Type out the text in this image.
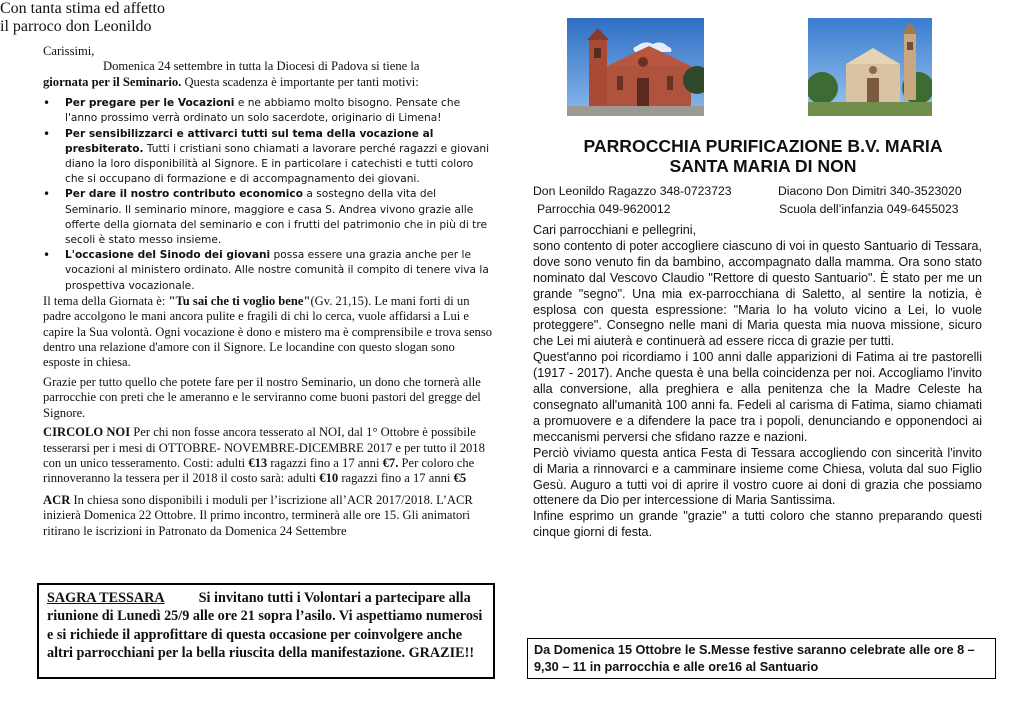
Carissimi,

Domenica 24 settembre in tutta la Diocesi di Padova si tiene la

giornata per il Seminario. Questa scadenza è importante per tanti motivi:

• Per pregare per le Vocazioni e ne abbiamo molto bisogno. Pensate che l'anno prossimo verrà ordinato un solo sacerdote, originario di Limena!
• Per sensibilizzarci e attivarci tutti sul tema della vocazione al presbiterato. Tutti i cristiani sono chiamati a lavorare perché ragazzi e giovani diano la loro disponibilità al Signore. E in particolare i catechisti e tutti coloro che si occupano di formazione e di accompagnamento dei giovani.
• Per dare il nostro contributo economico a sostegno della vita del Seminario. Il seminario minore, maggiore e casa S. Andrea vivono grazie alle offerte della giornata del seminario e con i frutti del patrimonio che in più di tre secoli è stato messo insieme.
• L'occasione del Sinodo dei giovani possa essere una grazia anche per le vocazioni al ministero ordinato. Alle nostre comunità il compito di tenere viva la prospettiva vocazionale.

Il tema della Giornata è: "Tu sai che ti voglio bene"(Gv. 21,15). Le mani forti di un padre accolgono le mani ancora pulite e fragili di chi lo cerca, vuole affidarsi a Lui e capire la Sua volontà. Ogni vocazione è dono e mistero ma è comprensibile e trova senso dentro una relazione d'amore con il Signore. Le locandine con questo slogan sono esposte in chiesa.

Grazie per tutto quello che potete fare per il nostro Seminario, un dono che tornerà alle parrocchie con preti che le ameranno e le serviranno come buoni pastori del gregge del Signore.

CIRCOLO NOI Per chi non fosse ancora tesserato al NOI, dal 1° Ottobre è possibile tesserarsi per i mesi di OTTOBRE- NOVEMBRE-DICEMBRE 2017 e per tutto il 2018 con un unico tesseramento. Costi: adulti €13 ragazzi fino a 17 anni €7. Per coloro che rinnoveranno la tessera per il 2018 il costo sarà: adulti €10 ragazzi fino a 17 anni €5

ACR In chiesa sono disponibili i moduli per l’iscrizione all’ACR 2017/2018. L’ACR inizierà Domenica 22 Ottobre. Il primo incontro, terminerà alle ore 15. Gli animatori ritirano le iscrizioni in Patronato da Domenica 24 Settembre

SAGRA TESSARA Si invitano tutti i Volontari a partecipare alla riunione di Lunedì 25/9 alle ore 21 sopra l’asilo. Vi aspettiamo numerosi e si richiede il approfittare di questa occasione per coinvolgere anche altri parrocchiani per la bella riuscita della manifestazione. GRAZIE!!
PARROCCHIA PURIFICAZIONE B.V. MARIA
SANTA MARIA DI NON
Don Leonildo Ragazzo 348-0723723	Diacono Don Dimitri 340-3523020
Parrocchia 049-9620012	Scuola dell’infanzia 049-6455023

Cari parrocchiani e pellegrini,

sono contento di poter accogliere ciascuno di voi in questo Santuario di Tessara, dove sono venuto fin da bambino, accompagnato dalla mamma. Ora sono stato nominato dal Vescovo Claudio "Rettore di questo Santuario". È stato per me un grande "segno". Una mia ex-parrocchiana di Saletto, al sentire la notizia, è esplosa con questa espressione: "Maria lo ha voluto vicino a Lei, lo vuole proteggere". Consegno nelle mani di Maria questa mia nuova missione, sicuro che Lei mi aiuterà e continuerà ad essere ricca di grazie per tutti.

Quest'anno poi ricordiamo i 100 anni dalle apparizioni di Fatima ai tre pastorelli (1917 - 2017). Anche questa è una bella coincidenza per noi. Accogliamo l'invito alla conversione, alla preghiera e alla penitenza che la Madre Celeste ha consegnato all'umanità 100 anni fa. Fedeli al carisma di Fatima, siamo chiamati a promuovere e a difendere la pace tra i popoli, denunciando e opponendoci ai meccanismi perversi che sfidano razze e nazioni.

Perciò viviamo questa antica Festa di Tessara accogliendo con sincerità l'invito di Maria a rinnovarci e a camminare insieme come Chiesa, voluta dal suo Figlio Gesù. Auguro a tutti voi di aprire il vostro cuore ai doni di grazia che possiamo ottenere da Dio per intercessione di Maria Santissima.

Infine esprimo un grande "grazie" a tutti coloro che stanno preparando questi cinque giorni di festa.

Con tanta stima ed affetto
il parroco don Leonildo
Da Domenica 15 Ottobre le S.Messe festive saranno celebrate alle ore 8 – 9,30 – 11 in parrocchia e alle ore16 al Santuario
